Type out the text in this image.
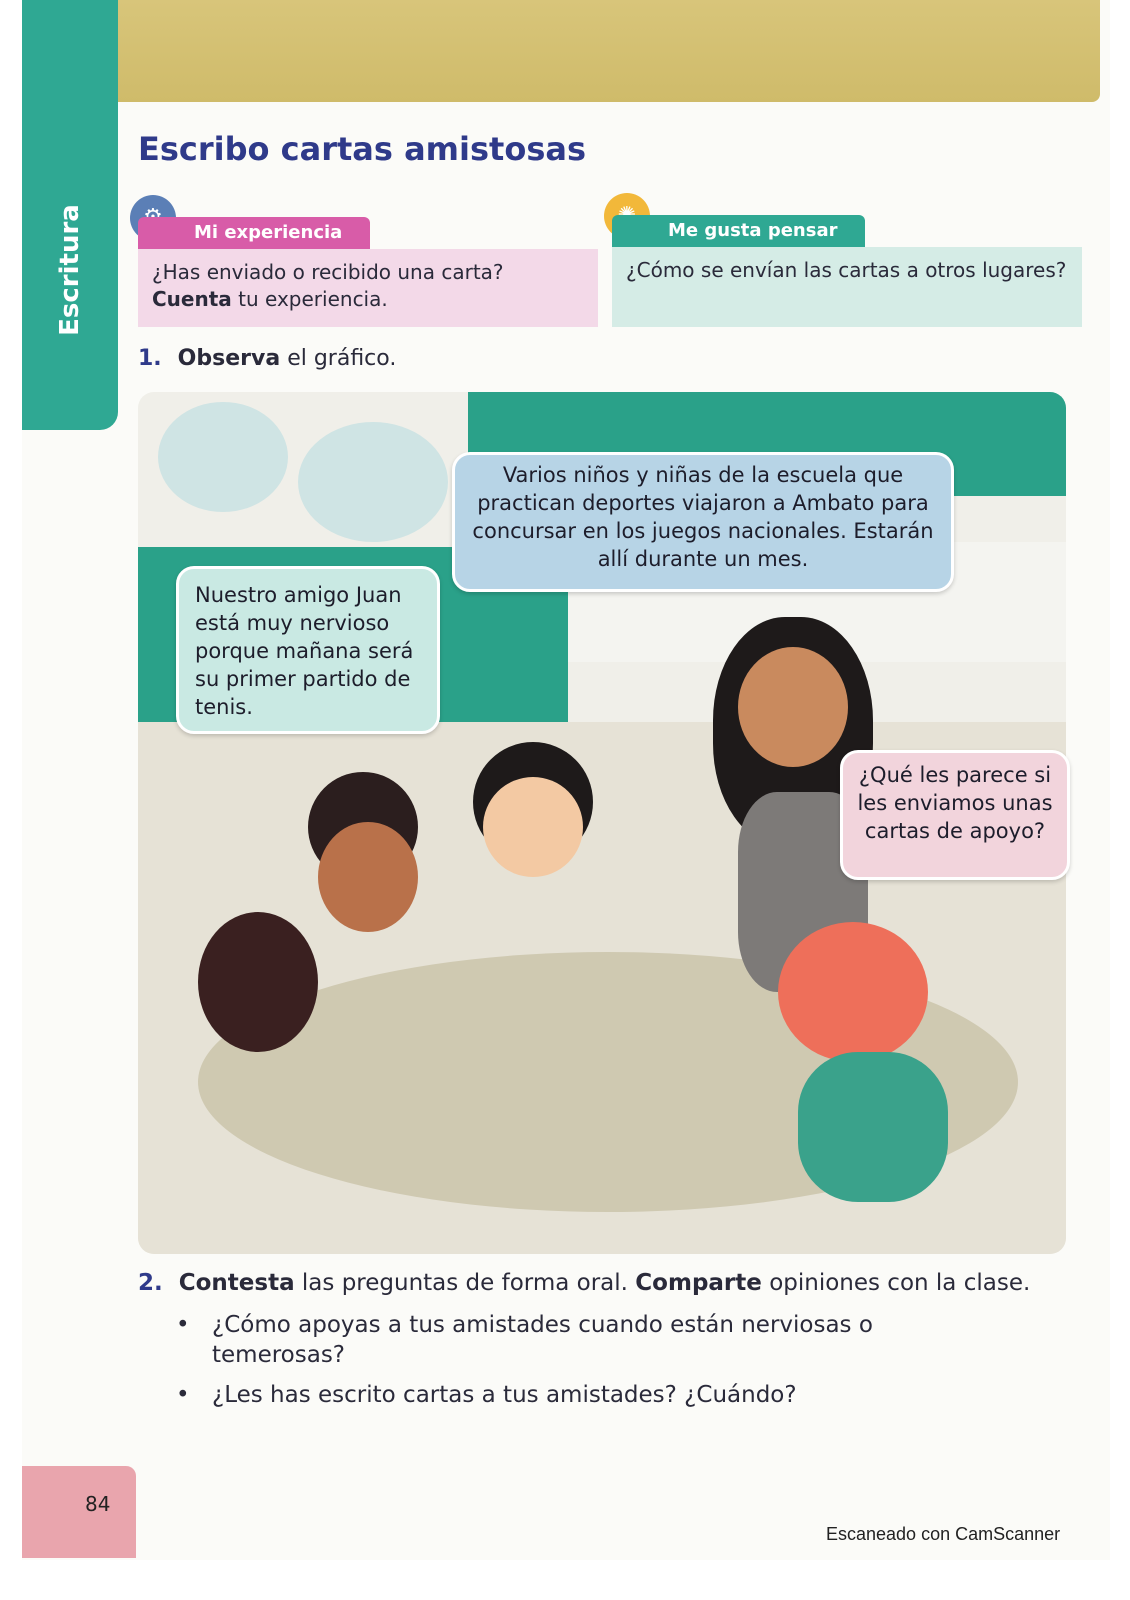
Escritura
Escribo cartas amistosas
Mi experiencia
¿Has enviado o recibido una carta?
Cuenta tu experiencia.
Me gusta pensar
¿Cómo se envían las cartas a otros lugares?
1. Observa el gráfico.
Varios niños y niñas de la escuela que practican deportes viajaron a Ambato para concursar en los juegos nacionales. Estarán allí durante un mes.
Nuestro amigo Juan está muy nervioso porque mañana será su primer partido de tenis.
¿Qué les parece si les enviamos unas cartas de apoyo?
2. Contesta las preguntas de forma oral. Comparte opiniones con la clase.
• ¿Cómo apoyas a tus amistades cuando están nerviosas o temerosas?
• ¿Les has escrito cartas a tus amistades? ¿Cuándo?
84
Escaneado con CamScanner
